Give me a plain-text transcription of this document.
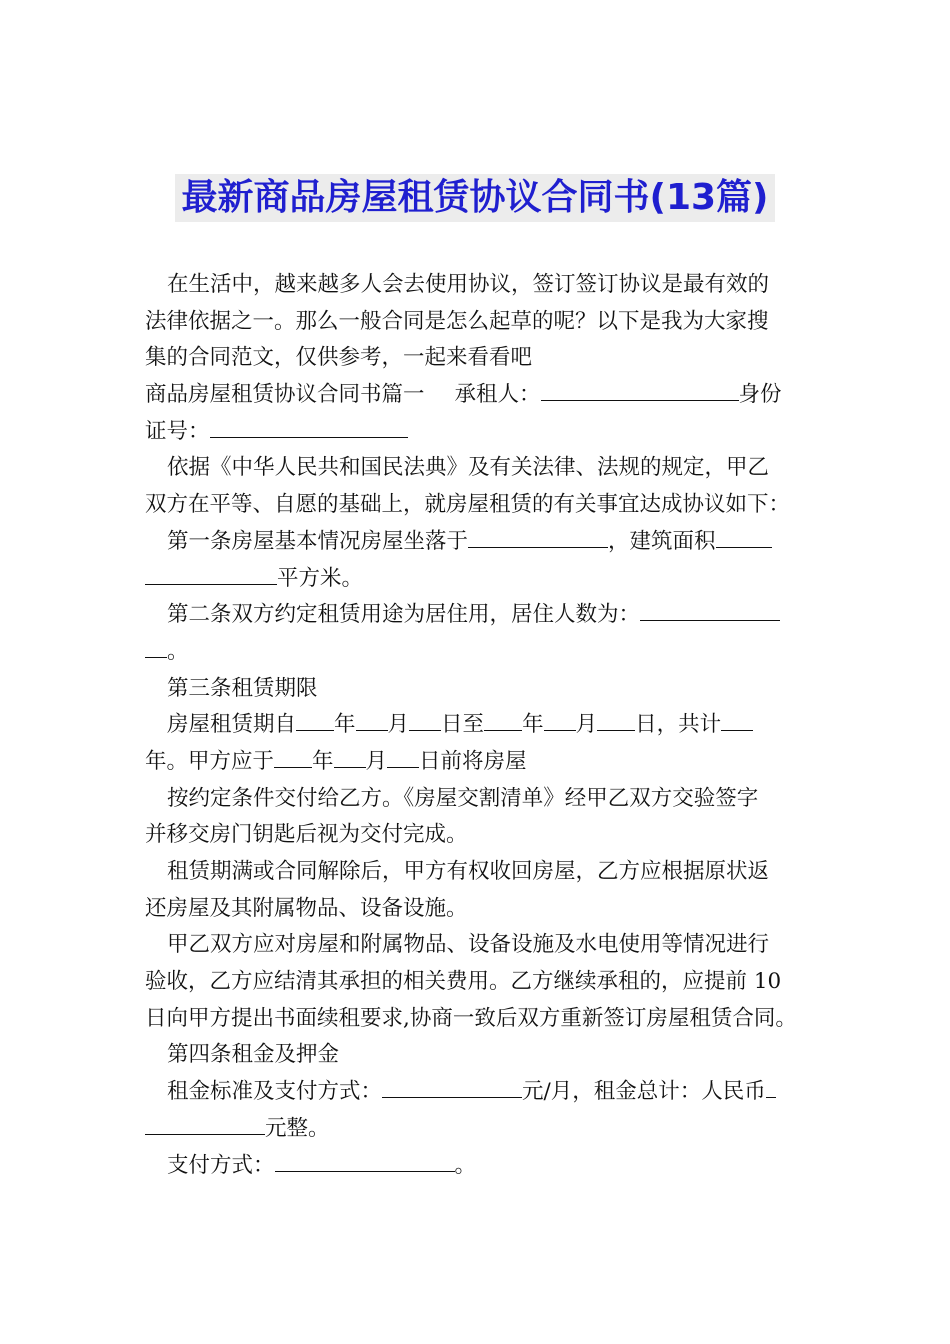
最新商品房屋租赁协议合同书(13篇)
在生活中，越来越多人会去使用协议，签订签订协议是最有效的
法律依据之一。那么一般合同是怎么起草的呢？以下是我为大家搜
集的合同范文，仅供参考，一起来看看吧
商品房屋租赁协议合同书篇一 承租人：	身份
证号：
依据《中华人民共和国民法典》及有关法律、法规的规定，甲乙
双方在平等、自愿的基础上，就房屋租赁的有关事宜达成协议如下：
第一条房屋基本情况房屋坐落于	，建筑面积
平方米。
第二条双方约定租赁用途为居住用，居住人数为：
。
第三条租赁期限
房屋租赁期自 年 月 日至 年 月 日，共计
年。甲方应于 年 月 日前将房屋
按约定条件交付给乙方。《房屋交割清单》经甲乙双方交验签字
并移交房门钥匙后视为交付完成。
租赁期满或合同解除后，甲方有权收回房屋，乙方应根据原状返
还房屋及其附属物品、设备设施。
甲乙双方应对房屋和附属物品、设备设施及水电使用等情况进行
验收，乙方应结清其承担的相关费用。乙方继续承租的，应提前 10
日向甲方提出书面续租要求,协商一致后双方重新签订房屋租赁合同。
第四条租金及押金
租金标准及支付方式：	元/月，租金总计：人民币
元整。
支付方式：	。
